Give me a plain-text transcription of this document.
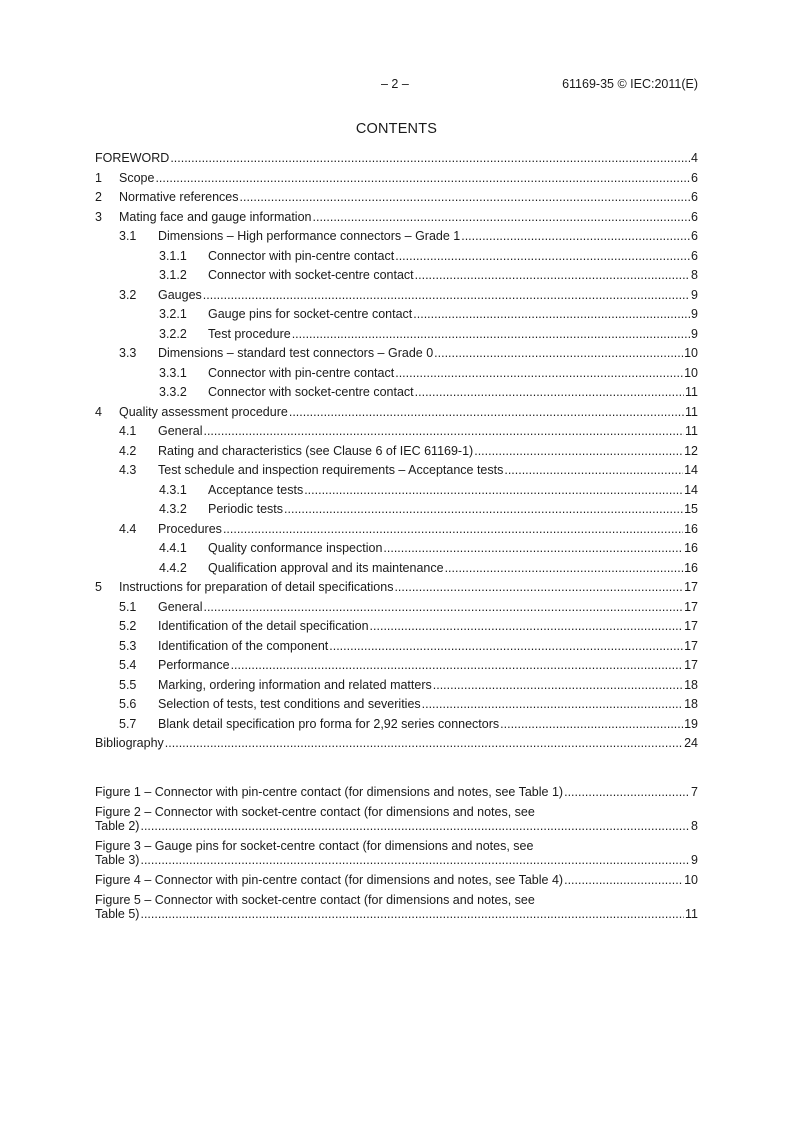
– 2 –	61169-35 © IEC:2011(E)
CONTENTS
FOREWORD .....	4
1	Scope .....	6
2	Normative references .....	6
3	Mating face and gauge information .....	6
3.1	Dimensions – High performance connectors – Grade 1 .....	6
3.1.1	Connector with pin-centre contact .....	6
3.1.2	Connector with socket-centre contact .....	8
3.2	Gauges .....	9
3.2.1	Gauge pins for socket-centre contact .....	9
3.2.2	Test procedure .....	9
3.3	Dimensions – standard test connectors – Grade 0 .....	10
3.3.1	Connector with pin-centre contact .....	10
3.3.2	Connector with socket-centre contact .....	11
4	Quality assessment procedure .....	11
4.1	General .....	11
4.2	Rating and characteristics (see Clause 6 of IEC 61169-1) .....	12
4.3	Test schedule and inspection requirements – Acceptance tests .....	14
4.3.1	Acceptance tests .....	14
4.3.2	Periodic tests .....	15
4.4	Procedures .....	16
4.4.1	Quality conformance inspection .....	16
4.4.2	Qualification approval and its maintenance .....	16
5	Instructions for preparation of detail specifications .....	17
5.1	General .....	17
5.2	Identification of the detail specification .....	17
5.3	Identification of the component .....	17
5.4	Performance .....	17
5.5	Marking, ordering information and related matters .....	18
5.6	Selection of tests, test conditions and severities .....	18
5.7	Blank detail specification pro forma for 2,92 series connectors .....	19
Bibliography .....	24
Figure 1 – Connector with pin-centre contact (for dimensions and notes, see Table 1) .....	7
Figure 2 – Connector with socket-centre contact (for dimensions and notes, see
Table 2) .....	8
Figure 3 – Gauge pins for socket-centre contact (for dimensions and notes, see
Table 3) .....	9
Figure 4 – Connector with pin-centre contact (for dimensions and notes, see Table 4) .....	10
Figure 5 – Connector with socket-centre contact (for dimensions and notes, see
Table 5) .....	11
